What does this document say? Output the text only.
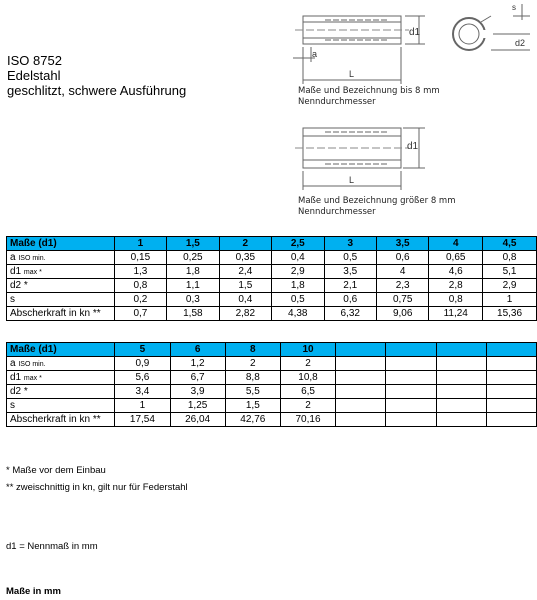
ISO 8752
Edelstahl
geschlitzt, schwere Ausführung
d1
a
L
s
d2
Maße und Bezeichnung bis 8 mm
Nenndurchmesser
d1
L
Maße und Bezeichnung größer 8 mm
Nenndurchmesser
Maße (d1)	1	1,5	2	2,5	3	3,5	4	4,5
a ISO min.	0,15	0,25	0,35	0,4	0,5	0,6	0,65	0,8
d1 max *	1,3	1,8	2,4	2,9	3,5	4	4,6	5,1
d2 *	0,8	1,1	1,5	1,8	2,1	2,3	2,8	2,9
s	0,2	0,3	0,4	0,5	0,6	0,75	0,8	1
Abscherkraft in kn **	0,7	1,58	2,82	4,38	6,32	9,06	11,24	15,36
Maße (d1)	5	6	8	10				
a ISO min.	0,9	1,2	2	2				
d1 max *	5,6	6,7	8,8	10,8				
d2 *	3,4	3,9	5,5	6,5				
s	1	1,25	1,5	2				
Abscherkraft in kn **	17,54	26,04	42,76	70,16				
* Maße vor dem Einbau
** zweischnittig in kn, gilt nur für Federstahl
d1 = Nennmaß in mm
Maße in mm
